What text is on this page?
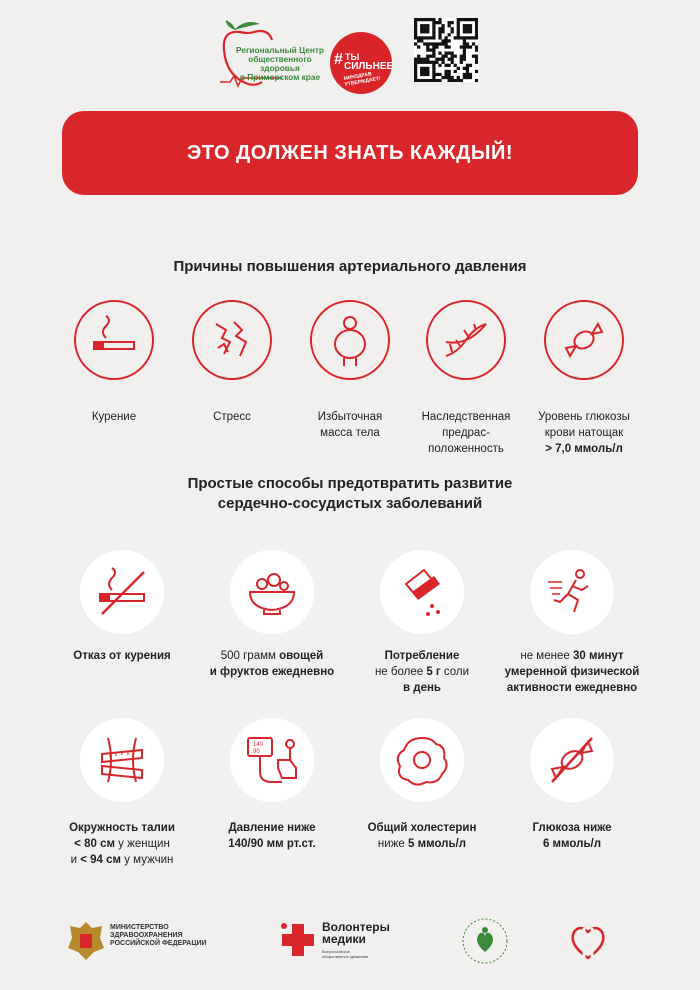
Региональный Центр
общественного здоровья
в Приморском крае
# ТЫ
СИЛЬНЕЕ
МИНЗДРАВ УТВЕРЖДАЕТ!
ЭТО ДОЛЖЕН ЗНАТЬ КАЖДЫЙ!
Причины повышения артериального давления
Курение	Стресс	Избыточная
масса тела
Наследственная
предрас-
положенность
Уровень глюкозы
крови натощак
> 7,0 ммоль/л
Простые способы предотвратить развитие
сердечно-сосудистых заболеваний
Отказ от курения	500 грамм овощей
и фруктов ежедневно
Потребление
не более 5 г соли
в день
не менее 30 минут
умеренной физической
активности ежедневно
Окружность талии
< 80 см у женщин
и < 94 см у мужчин
140 90
Давление ниже
140/90 мм рт.ст.
Общий холестерин
ниже 5 ммоль/л
Глюкоза ниже
6 ммоль/л
МИНИСТЕРСТВО
ЗДРАВООХРАНЕНИЯ
РОССИЙСКОЙ ФЕДЕРАЦИИ
Волонтеры
медики
Всероссийское
общественное движение
